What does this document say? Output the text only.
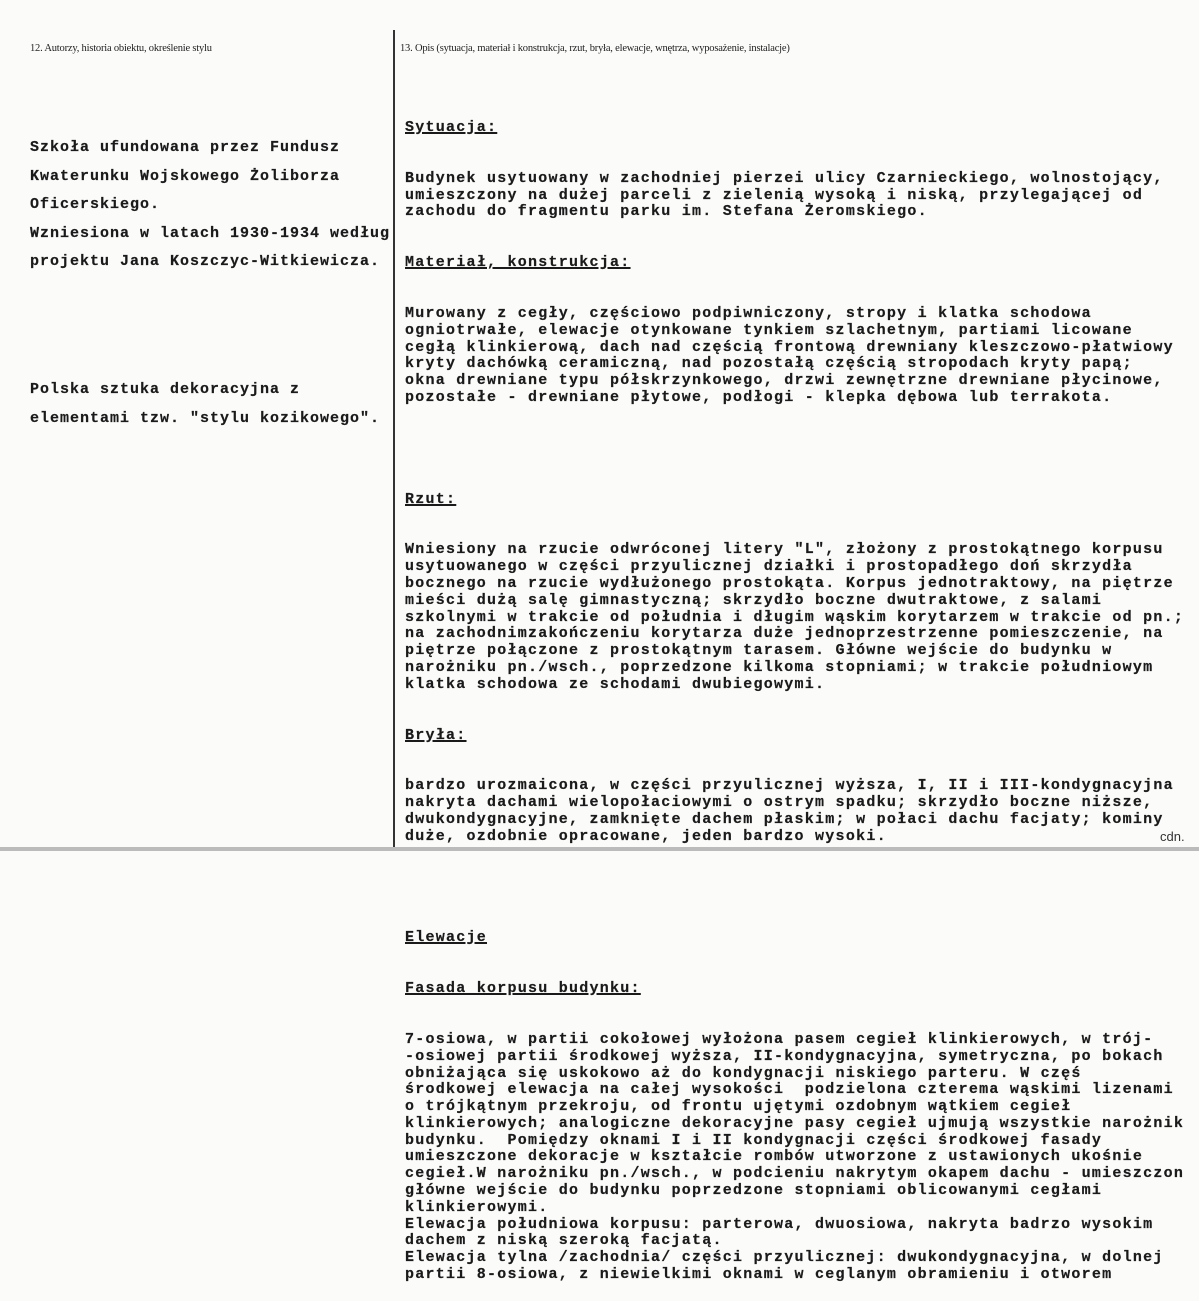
12. Autorzy, historia obiektu, określenie stylu	13. Opis (sytuacja, materiał i konstrukcja, rzut, bryła, elewacje, wnętrza, wyposażenie, instalacje)

Szkoła ufundowana przez Fundusz
Kwaterunku Wojskowego Żoliborza
Oficerskiego.
Wzniesiona w latach 1930-1934 według
projektu Jana Koszczyc-Witkiewicza.

Polska sztuka dekoracyjna z
elementami tzw. "stylu kozikowego".

Sytuacja:

Budynek usytuowany w zachodniej pierzei ulicy Czarnieckiego, wolnostojący,
umieszczony na dużej parceli z zielenią wysoką i niską, przylegającej od
zachodu do fragmentu parku im. Stefana Żeromskiego.

Materiał, konstrukcja:

Murowany z cegły, częściowo podpiwniczony, stropy i klatka schodowa
ogniotrwałe, elewacje otynkowane tynkiem szlachetnym, partiami licowane
cegłą klinkierową, dach nad częścią frontową drewniany kleszczowo-płatwiowy
kryty dachówką ceramiczną, nad pozostałą częścią stropodach kryty papą;
okna drewniane typu półskrzynkowego, drzwi zewnętrzne drewniane płycinowe,
pozostałe - drewniane płytowe, podłogi - klepka dębowa lub terrakota.

Rzut:

Wniesiony na rzucie odwróconej litery "L", złożony z prostokątnego korpusu
usytuowanego w części przyulicznej działki i prostopadłego doń skrzydła
bocznego na rzucie wydłużonego prostokąta. Korpus jednotraktowy, na piętrze
mieści dużą salę gimnastyczną; skrzydło boczne dwutraktowe, z salami
szkolnymi w trakcie od południa i długim wąskim korytarzem w trakcie od pn.;
na zachodnimzakończeniu korytarza duże jednoprzestrzenne pomieszczenie, na
piętrze połączone z prostokątnym tarasem. Główne wejście do budynku w
narożniku pn./wsch., poprzedzone kilkoma stopniami; w trakcie południowym
klatka schodowa ze schodami dwubiegowymi.

Bryła:

bardzo urozmaicona, w części przyulicznej wyższa, I, II i III-kondygnacyjna
nakryta dachami wielopołaciowymi o ostrym spadku; skrzydło boczne niższe,
dwukondygnacyjne, zamknięte dachem płaskim; w połaci dachu facjaty; kominy
duże, ozdobnie opracowane, jeden bardzo wysoki.

Elewacje

Fasada korpusu budynku:

7-osiowa, w partii cokołowej wyłożona pasem cegieł klinkierowych, w trój-
-osiowej partii środkowej wyższa, II-kondygnacyjna, symetryczna, po bokach
obniżająca się uskokowo aż do kondygnacji niskiego parteru. W częś
środkowej elewacja na całej wysokości  podzielona czterema wąskimi lizenami
o trójkątnym przekroju, od frontu ujętymi ozdobnym wątkiem cegieł
klinkierowych; analogiczne dekoracyjne pasy cegieł ujmują wszystkie narożnik
budynku.  Pomiędzy oknami I i II kondygnacji części środkowej fasady
umieszczone dekoracje w kształcie rombów utworzone z ustawionych ukośnie
cegieł.W narożniku pn./wsch., w podcieniu nakrytym okapem dachu - umieszczon
główne wejście do budynku poprzedzone stopniami oblicowanymi cegłami
klinkierowymi.
Elewacja południowa korpusu: parterowa, dwuosiowa, nakryta badrzo wysokim
dachem z niską szeroką facjatą.
Elewacja tylna /zachodnia/ części przyulicznej: dwukondygnacyjna, w dolnej
partii 8-osiowa, z niewielkimi oknami w ceglanym obramieniu i otworem

cdn.
